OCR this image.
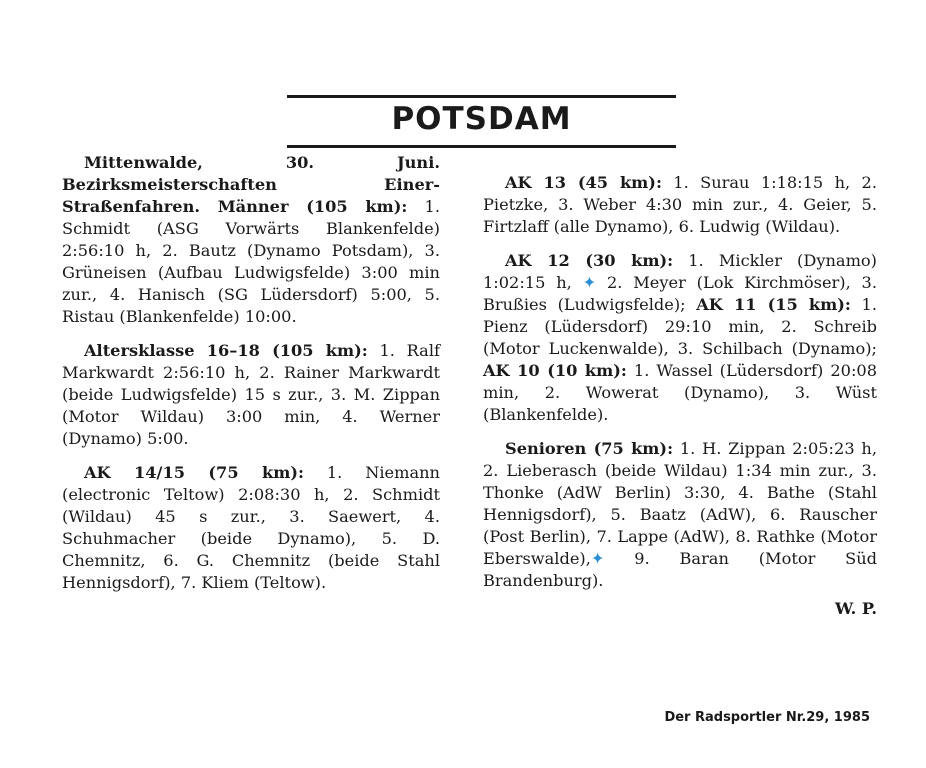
POTSDAM

Mittenwalde, 30. Juni. Bezirksmeisterschaften Einer-Straßenfahren. Männer (105 km): 1. Schmidt (ASG Vorwärts Blankenfelde) 2:56:10 h, 2. Bautz (Dynamo Potsdam), 3. Grüneisen (Aufbau Ludwigsfelde) 3:00 min zur., 4. Hanisch (SG Lüdersdorf) 5:00, 5. Ristau (Blankenfelde) 10:00.

Altersklasse 16–18 (105 km): 1. Ralf Markwardt 2:56:10 h, 2. Rainer Markwardt (beide Ludwigsfelde) 15 s zur., 3. M. Zippan (Motor Wildau) 3:00 min, 4. Werner (Dynamo) 5:00.

AK 14/15 (75 km): 1. Niemann (electronic Teltow) 2:08:30 h, 2. Schmidt (Wildau) 45 s zur., 3. Saewert, 4. Schuhmacher (beide Dynamo), 5. D. Chemnitz, 6. G. Chemnitz (beide Stahl Hennigsdorf), 7. Kliem (Teltow).

AK 13 (45 km): 1. Surau 1:18:15 h, 2. Pietzke, 3. Weber 4:30 min zur., 4. Geier, 5. Firtzlaff (alle Dynamo), 6. Ludwig (Wildau).

AK 12 (30 km): 1. Mickler (Dynamo) 1:02:15 h, ✦ 2. Meyer (Lok Kirchmöser), 3. Brußies (Ludwigsfelde); AK 11 (15 km): 1. Pienz (Lüdersdorf) 29:10 min, 2. Schreib (Motor Luckenwalde), 3. Schilbach (Dynamo); AK 10 (10 km): 1. Wassel (Lüdersdorf) 20:08 min, 2. Wowerat (Dynamo), 3. Wüst (Blankenfelde).

Senioren (75 km): 1. H. Zippan 2:05:23 h, 2. Lieberasch (beide Wildau) 1:34 min zur., 3. Thonke (AdW Berlin) 3:30, 4. Bathe (Stahl Hennigsdorf), 5. Baatz (AdW), 6. Rauscher (Post Berlin), 7. Lappe (AdW), 8. Rathke (Motor Eberswalde),✦ 9. Baran (Motor Süd Brandenburg).

W. P.
Der Radsportler Nr.29, 1985
